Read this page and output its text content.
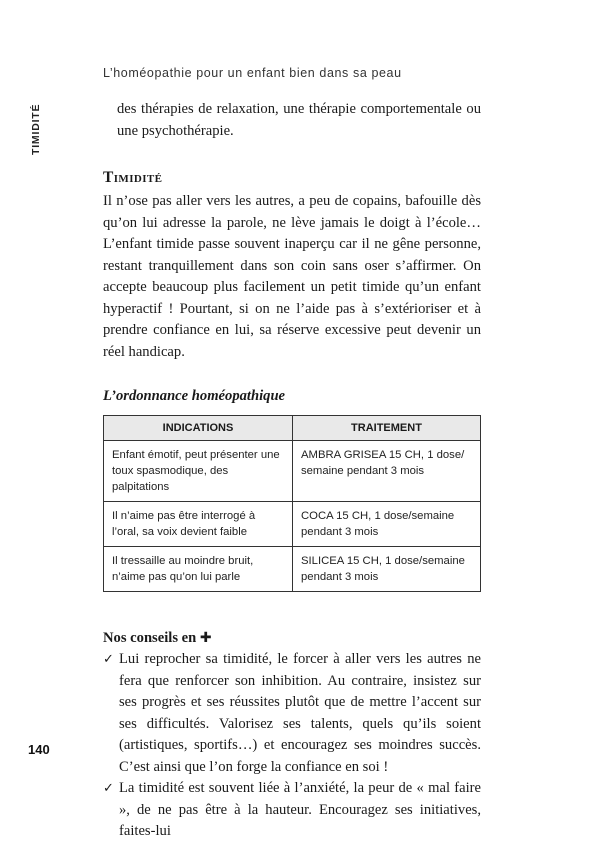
L’homéopathie pour un enfant bien dans sa peau
TIMIDITÉ	des thérapies de relaxation, une thérapie comportementale ou une psychothérapie.

Timidité

Il n’ose pas aller vers les autres, a peu de copains, bafouille dès qu’on lui adresse la parole, ne lève jamais le doigt à l’école… L’enfant timide passe souvent inaperçu car il ne gêne personne, restant tranquillement dans son coin sans oser s’affirmer. On accepte beaucoup plus facilement un petit timide qu’un enfant hyperactif ! Pourtant, si on ne l’aide pas à s’extérioriser et à prendre confiance en lui, sa réserve excessive peut devenir un réel handicap.

L’ordonnance homéopathique
INDICATIONS	TRAITEMENT
Enfant émotif, peut présenter une toux spasmodique, des palpitations	AMBRA GRISEA 15 CH, 1 dose/ semaine pendant 3 mois
Il n’aime pas être interrogé à l’oral, sa voix devient faible	COCA 15 CH, 1 dose/semaine pendant 3 mois
Il tressaille au moindre bruit, n’aime pas qu’on lui parle	SILICEA 15 CH, 1 dose/semaine pendant 3 mois
Nos conseils en ✚
✓ Lui reprocher sa timidité, le forcer à aller vers les autres ne fera que renforcer son inhibition. Au contraire, insistez sur ses progrès et ses réussites plutôt que de mettre l’accent sur ses difficultés. Valorisez ses talents, quels qu’ils soient (artistiques, sportifs…) et encouragez ses moindres succès. C’est ainsi que l’on forge la confiance en soi !
✓ La timidité est souvent liée à l’anxiété, la peur de « mal faire », de ne pas être à la hauteur. Encouragez ses initiatives, faites-lui
140
